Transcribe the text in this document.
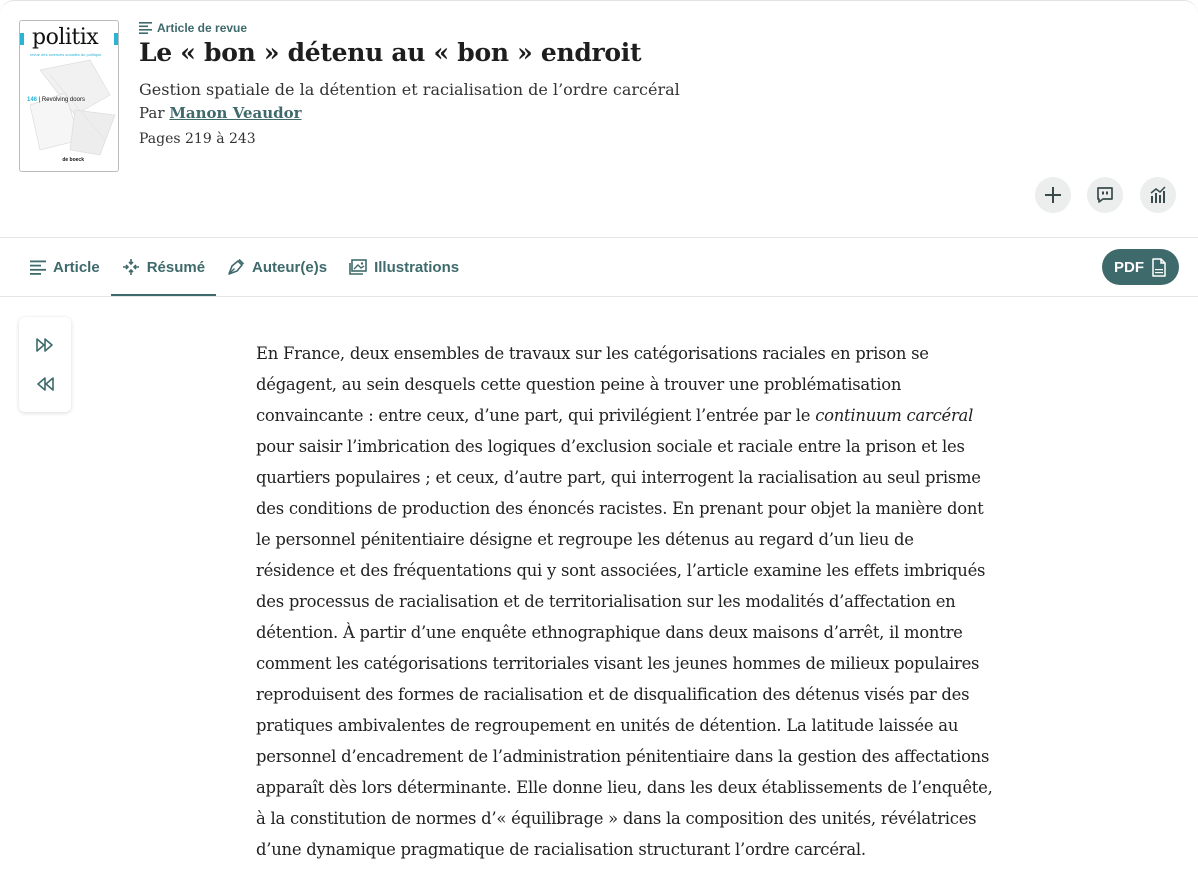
politix
revue des sciences sociales du politique
146 | Revolving doors
de boeck
Article de revue
Le « bon » détenu au « bon » endroit
Gestion spatiale de la détention et racialisation de l’ordre carcéral
Par Manon Veaudor
Pages 219 à 243
Article	Résumé	Auteur(e)s	Illustrations	PDF

En France, deux ensembles de travaux sur les catégorisations raciales en prison se dégagent, au sein desquels cette question peine à trouver une problématisation convaincante : entre ceux, d’une part, qui privilégient l’entrée par le continuum carcéral pour saisir l’imbrication des logiques d’exclusion sociale et raciale entre la prison et les quartiers populaires ; et ceux, d’autre part, qui interrogent la racialisation au seul prisme des conditions de production des énoncés racistes. En prenant pour objet la manière dont le personnel pénitentiaire désigne et regroupe les détenus au regard d’un lieu de résidence et des fréquentations qui y sont associées, l’article examine les effets imbriqués des processus de racialisation et de territorialisation sur les modalités d’affectation en détention. À partir d’une enquête ethnographique dans deux maisons d’arrêt, il montre comment les catégorisations territoriales visant les jeunes hommes de milieux populaires reproduisent des formes de racialisation et de disqualification des détenus visés par des pratiques ambivalentes de regroupement en unités de détention. La latitude laissée au personnel d’encadrement de l’administration pénitentiaire dans la gestion des affectations apparaît dès lors déterminante. Elle donne lieu, dans les deux établissements de l’enquête, à la constitution de normes d’« équilibrage » dans la composition des unités, révélatrices d’une dynamique pragmatique de racialisation structurant l’ordre carcéral.
